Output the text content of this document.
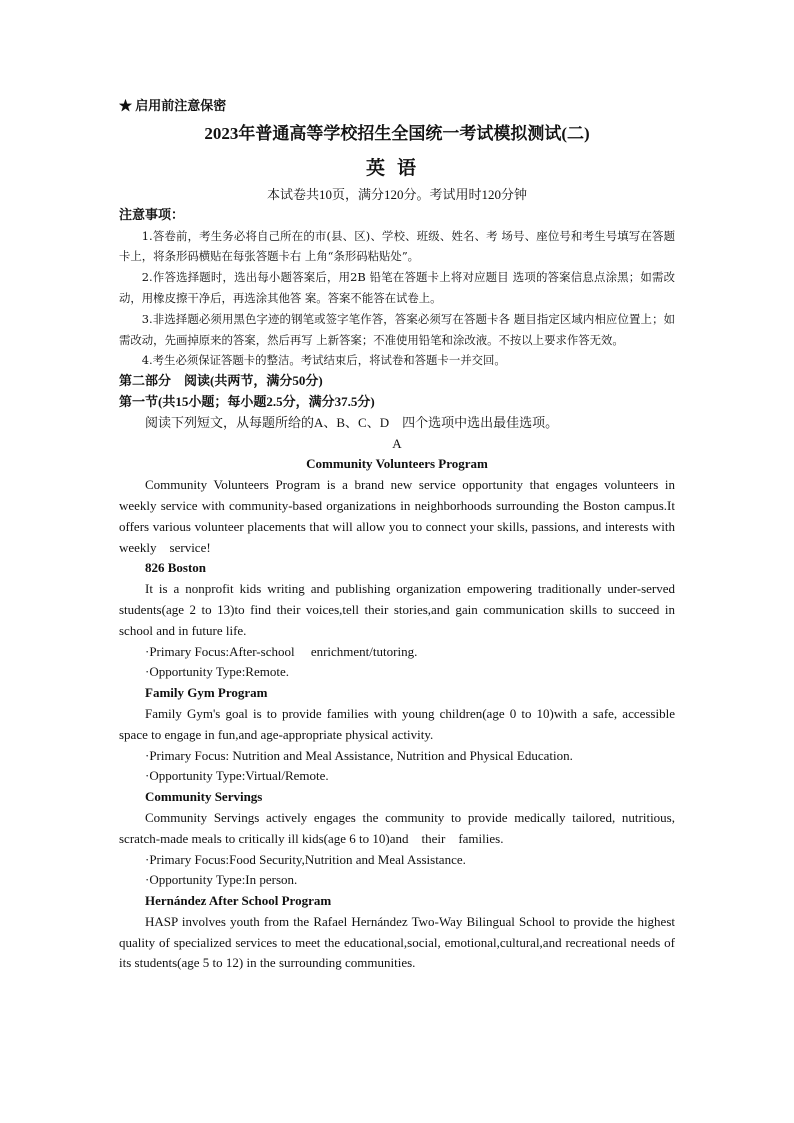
★ 启用前注意保密
2023年普通高等学校招生全国统一考试模拟测试(二)
英语
本试卷共10页，满分120分。考试用时120分钟
注意事项：

1.答卷前，考生务必将自己所在的市(县、区)、学校、班级、姓名、考 场号、座位号和考生号填写在答题卡上，将条形码横贴在每张答题卡右 上角“条形码粘贴处”。

2.作答选择题时，选出每小题答案后，用2B 铅笔在答题卡上将对应题目 选项的答案信息点涂黑；如需改动，用橡皮擦干净后，再选涂其他答 案。答案不能答在试卷上。

3.非选择题必须用黑色字迹的钢笔或签字笔作答，答案必须写在答题卡各 题目指定区域内相应位置上；如需改动，先画掉原来的答案，然后再写 上新答案；不准使用铅笔和涂改液。不按以上要求作答无效。

4.考生必须保证答题卡的整洁。考试结束后，将试卷和答题卡一并交回。

第二部分　阅读(共两节，满分50分)
第一节(共15小题；每小题2.5分，满分37.5分)
阅读下列短文，从每题所给的A、B、C、D　四个选项中选出最佳选项。
A
Community Volunteers Program

Community Volunteers Program is a brand new service opportunity that engages volunteers in weekly service with community-based organizations in neighborhoods surrounding the Boston campus.It offers various volunteer placements that will allow you to connect your skills, passions, and interests with weekly　service!

826 Boston

It is a nonprofit kids writing and publishing organization empowering traditionally under-served students(age 2 to 13)to find their voices,tell their stories,and gain communication skills to succeed in school and in future life.

·Primary Focus:After-school　 enrichment/tutoring.
·Opportunity Type:Remote.
Family Gym Program

Family Gym's goal is to provide families with young children(age 0 to 10)with a safe, accessible space to engage in fun,and age-appropriate physical activity.

·Primary Focus: Nutrition and Meal Assistance, Nutrition and Physical Education.
·Opportunity Type:Virtual/Remote.
Community Servings

Community Servings actively engages the community to provide medically tailored, nutritious, scratch-made meals to critically ill kids(age 6 to 10)and　their　families.

·Primary Focus:Food Security,Nutrition and Meal Assistance.
·Opportunity Type:In person.
Hernández After School Program

HASP involves youth from the Rafael Hernández Two-Way Bilingual School to provide the highest quality of specialized services to meet the educational,social, emotional,cultural,and recreational needs of its students(age 5 to 12) in the surrounding communities.
